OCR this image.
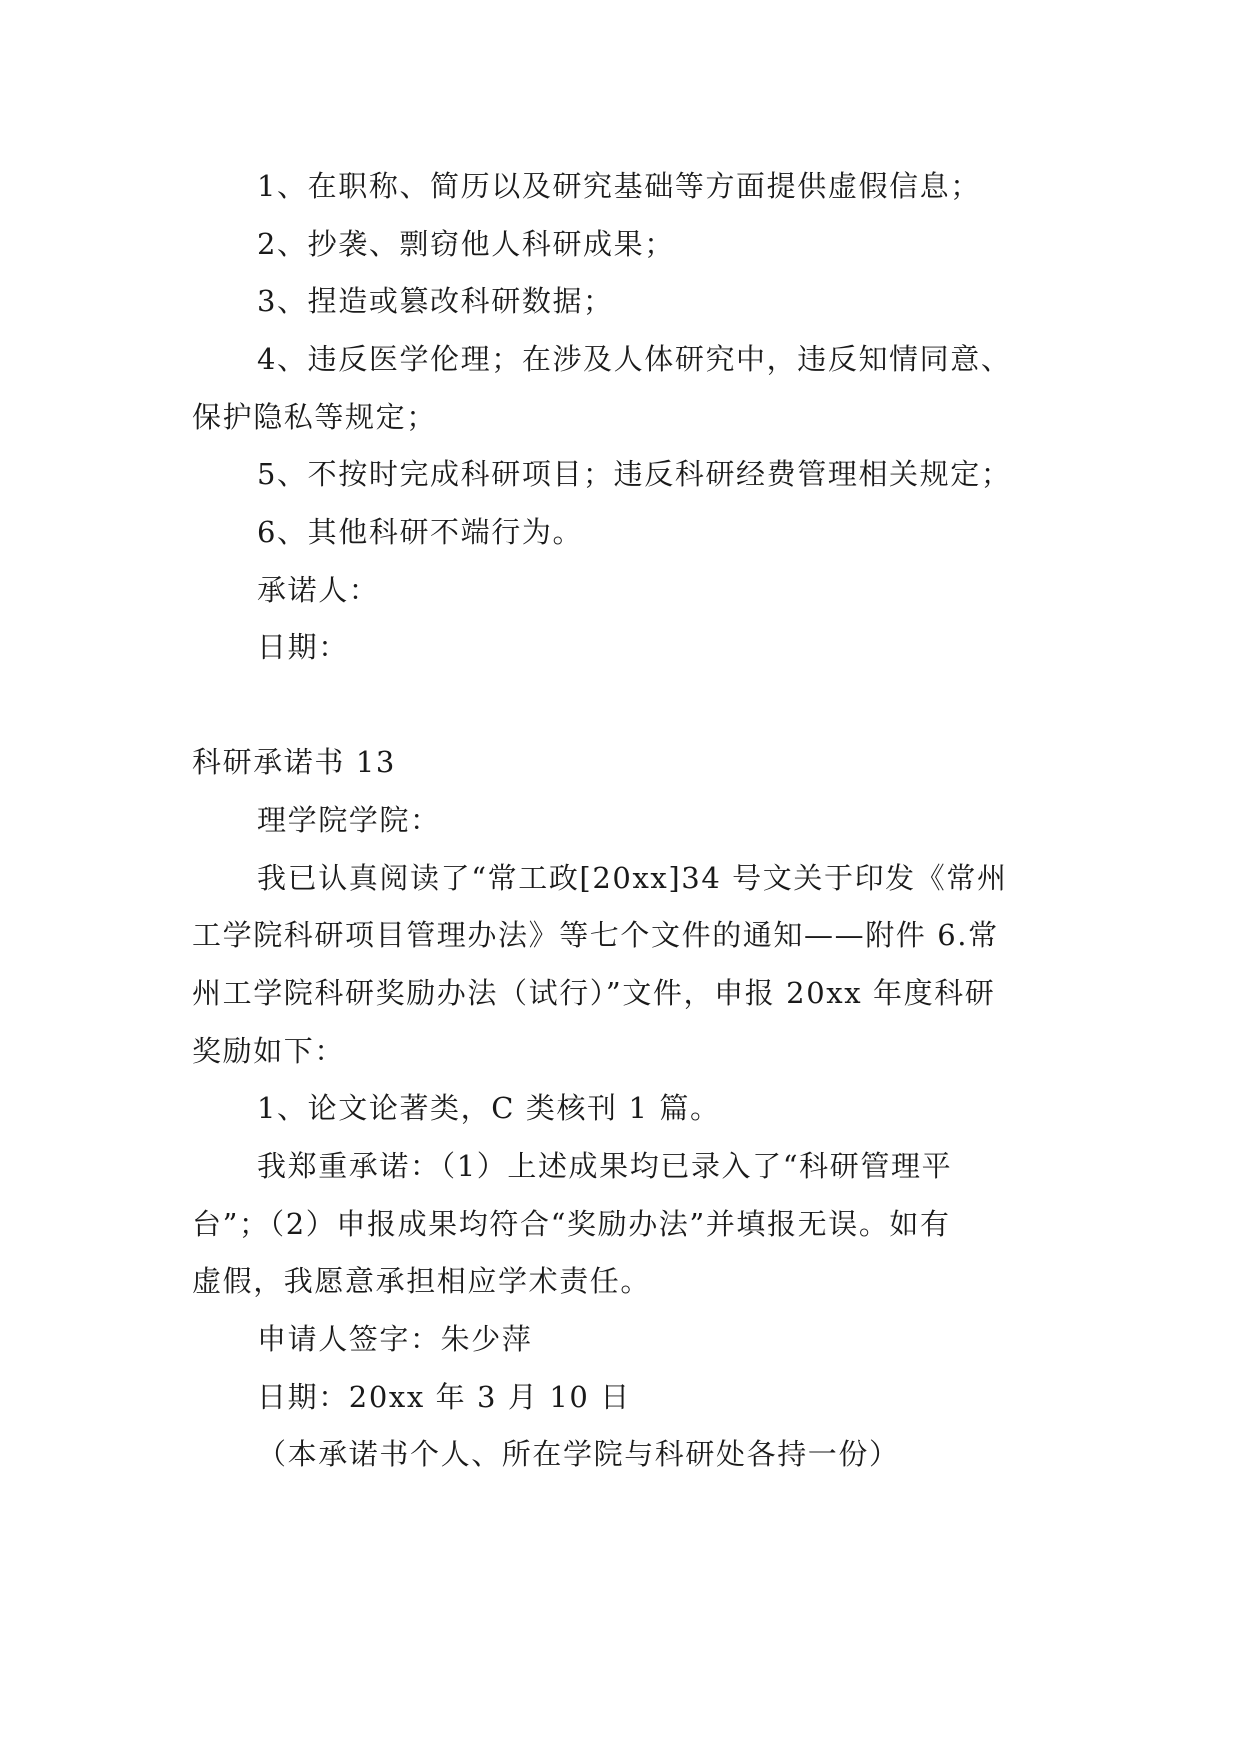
1、在职称、简历以及研究基础等方面提供虚假信息；
2、抄袭、剽窃他人科研成果；
3、捏造或篡改科研数据；
4、违反医学伦理；在涉及人体研究中，违反知情同意、
保护隐私等规定；
5、不按时完成科研项目；违反科研经费管理相关规定；
6、其他科研不端行为。
承诺人：
日期：
科研承诺书 13
理学院学院：
我已认真阅读了“常工政[20xx]34 号文关于印发《常州
工学院科研项目管理办法》等七个文件的通知——附件 6.常
州工学院科研奖励办法（试行）”文件，申报 20xx 年度科研
奖励如下：
1、论文论著类，C 类核刊 1 篇。
我郑重承诺：（1）上述成果均已录入了“科研管理平
台”；（2）申报成果均符合“奖励办法”并填报无误。如有
虚假，我愿意承担相应学术责任。
申请人签字：朱少萍
日期：20xx 年 3 月 10 日
（本承诺书个人、所在学院与科研处各持一份）
